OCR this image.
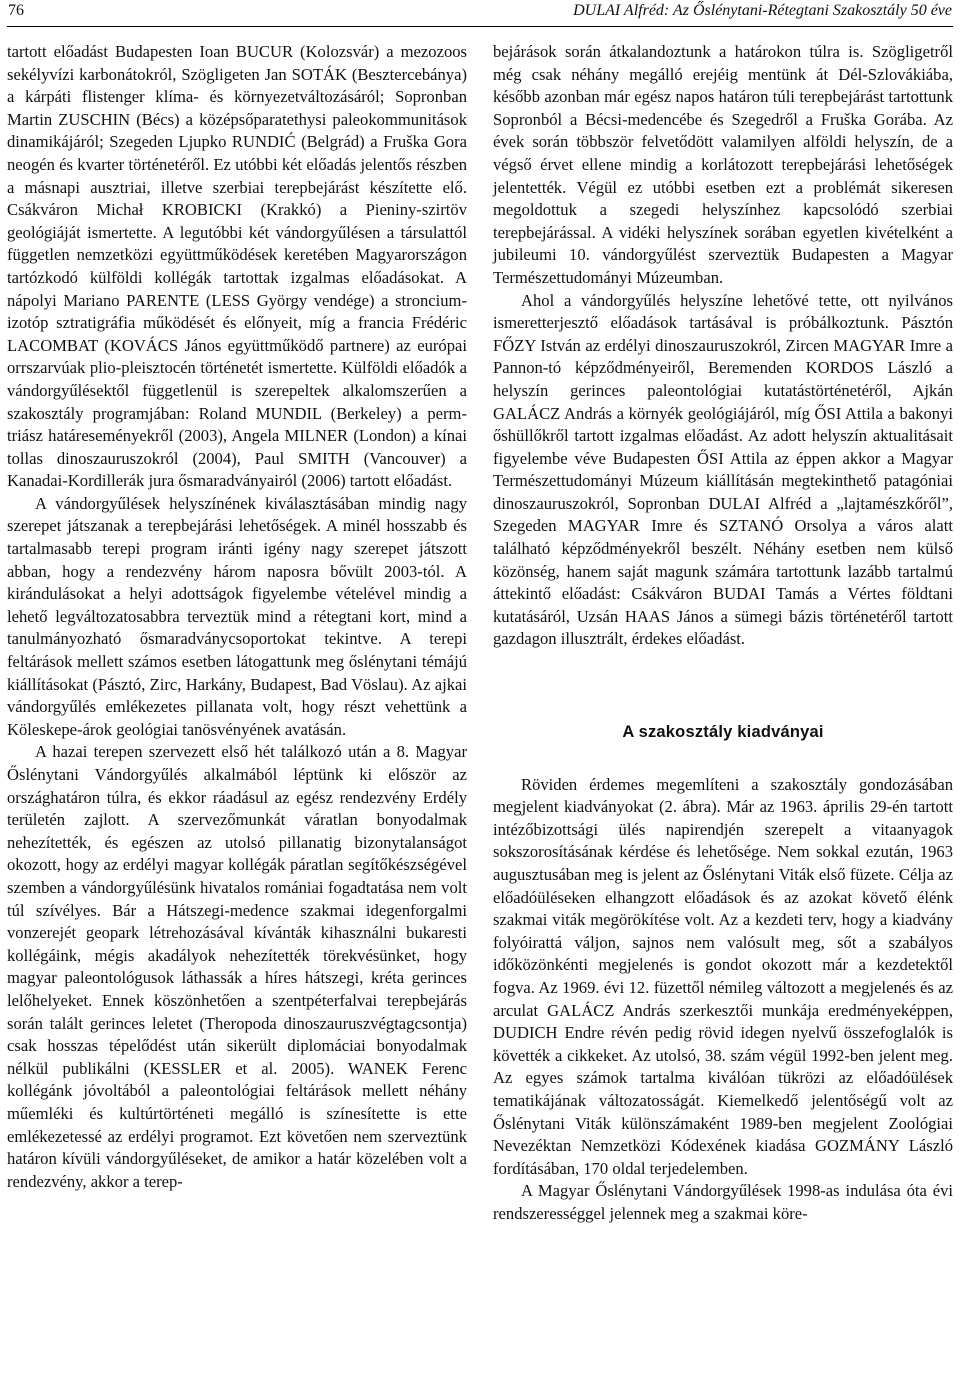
76	DULAI Alfréd: Az Őslénytani-Rétegtani Szakosztály 50 éve

tartott előadást Budapesten Ioan BUCUR (Kolozsvár) a mezozoos sekélyvízi karbonátokról, Szögligeten Jan SOTÁK (Besztercebánya) a kárpáti flistenger klíma- és környezetváltozásáról; Sopronban Martin ZUSCHIN (Bécs) a középsőparatethysi paleokommunitások dinamikájáról; Szegeden Ljupko RUNDIĆ (Belgrád) a Fruška Gora neogén és kvarter történetéről. Ez utóbbi két előadás jelentős részben a másnapi ausztriai, illetve szerbiai terepbejárást készítette elő. Csákváron Michał KROBICKI (Krakkó) a Pieniny-szirtöv geológiáját ismertette. A legutóbbi két vándorgyűlésen a társulattól független nemzetközi együttműködések keretében Magyarországon tartózkodó külföldi kollégák tartottak izgalmas előadásokat. A nápolyi Mariano PARENTE (LESS György vendége) a stroncium-izotóp sztratigráfia működését és előnyeit, míg a francia Frédéric LACOMBAT (KOVÁCS János együttműködő partnere) az európai orrszarvúak plio-pleisztocén történetét ismertette. Külföldi előadók a vándorgyűlésektől függetlenül is szerepeltek alkalomszerűen a szakosztály programjában: Roland MUNDIL (Berkeley) a perm-triász határeseményekről (2003), Angela MILNER (London) a kínai tollas dinoszauruszokról (2004), Paul SMITH (Vancouver) a Kanadai-Kordillerák jura ősmaradványairól (2006) tartott előadást.

A vándorgyűlések helyszínének kiválasztásában mindig nagy szerepet játszanak a terepbejárási lehetőségek. A minél hosszabb és tartalmasabb terepi program iránti igény nagy szerepet játszott abban, hogy a rendezvény három naposra bővült 2003-tól. A kirándulásokat a helyi adottságok figyelembe vételével mindig a lehető legváltozatosabbra terveztük mind a rétegtani kort, mind a tanulmányozható ősmaradványcsoportokat tekintve. A terepi feltárások mellett számos esetben látogattunk meg őslénytani témájú kiállításokat (Pásztó, Zirc, Harkány, Budapest, Bad Vöslau). Az ajkai vándorgyűlés emlékezetes pillanata volt, hogy részt vehettünk a Köleskepe-árok geológiai tanösvényének avatásán.

A hazai terepen szervezett első hét találkozó után a 8. Magyar Őslénytani Vándorgyűlés alkalmából léptünk ki először az országhatáron túlra, és ekkor ráadásul az egész rendezvény Erdély területén zajlott. A szervezőmunkát váratlan bonyodalmak nehezítették, és egészen az utolsó pillanatig bizonytalanságot okozott, hogy az erdélyi magyar kollégák páratlan segítőkészségével szemben a vándorgyűlésünk hivatalos romániai fogadtatása nem volt túl szívélyes. Bár a Hátszegi-medence szakmai idegenforgalmi vonzerejét geopark létrehozásával kívánták kihasználni bukaresti kollégáink, mégis akadályok nehezítették törekvésünket, hogy magyar paleontológusok láthassák a híres hátszegi, kréta gerinces lelőhelyeket. Ennek köszönhetően a szentpéterfalvai terepbejárás során talált gerinces leletet (Theropoda dinoszauruszvégtagcsontja) csak hosszas tépelődést után sikerült diplomáciai bonyodalmak nélkül publikálni (KESSLER et al. 2005). WANEK Ferenc kollégánk jóvoltából a paleontológiai feltárások mellett néhány műemléki és kultúrtörténeti megálló is színesítette is ette emlékezetessé az erdélyi programot. Ezt követően nem szerveztünk határon kívüli vándorgyűléseket, de amikor a határ közelében volt a rendezvény, akkor a terep-

bejárások során átkalandoztunk a határokon túlra is. Szögligetről még csak néhány megálló erejéig mentünk át Dél-Szlovákiába, később azonban már egész napos határon túli terepbejárást tartottunk Sopronból a Bécsi-medencébe és Szegedről a Fruška Gorába. Az évek során többször felvetődött valamilyen alföldi helyszín, de a végső érvet ellene mindig a korlátozott terepbejárási lehetőségek jelentették. Végül ez utóbbi esetben ezt a problémát sikeresen megoldottuk a szegedi helyszínhez kapcsolódó szerbiai terepbejárással. A vidéki helyszínek sorában egyetlen kivételként a jubileumi 10. vándorgyűlést szerveztük Budapesten a Magyar Természettudományi Múzeumban.

Ahol a vándorgyűlés helyszíne lehetővé tette, ott nyilvános ismeretterjesztő előadások tartásával is próbálkoztunk. Pásztón FŐZY István az erdélyi dinoszauruszokról, Zircen MAGYAR Imre a Pannon-tó képződményeiről, Beremenden KORDOS László a helyszín gerinces paleontológiai kutatástörténetéről, Ajkán GALÁCZ András a környék geológiájáról, míg ŐSI Attila a bakonyi őshüllőkről tartott izgalmas előadást. Az adott helyszín aktualitásait figyelembe véve Budapesten ŐSI Attila az éppen akkor a Magyar Természettudományi Múzeum kiállításán megtekinthető patagóniai dinoszauruszokról, Sopronban DULAI Alfréd a „lajtamészkőről”, Szegeden MAGYAR Imre és SZTANÓ Orsolya a város alatt található képződményekről beszélt. Néhány esetben nem külső közönség, hanem saját magunk számára tartottunk lazább tartalmú áttekintő előadást: Csákváron BUDAI Tamás a Vértes földtani kutatásáról, Uzsán HAAS János a sümegi bázis történetéről tartott gazdagon illusztrált, érdekes előadást.

A szakosztály kiadványai

Röviden érdemes megemlíteni a szakosztály gondozásában megjelent kiadványokat (2. ábra). Már az 1963. április 29-én tartott intézőbizottsági ülés napirendjén szerepelt a vitaanyagok sokszorosításának kérdése és lehetősége. Nem sokkal ezután, 1963 augusztusában meg is jelent az Őslénytani Viták első füzete. Célja az előadóüléseken elhangzott előadások és az azokat követő élénk szakmai viták megörökítése volt. Az a kezdeti terv, hogy a kiadvány folyóirattá váljon, sajnos nem valósult meg, sőt a szabályos időközönkénti megjelenés is gondot okozott már a kezdetektől fogva. Az 1969. évi 12. füzettől némileg változott a megjelenés és az arculat GALÁCZ András szerkesztői munkája eredményeképpen, DUDICH Endre révén pedig rövid idegen nyelvű összefoglalók is követték a cikkeket. Az utolsó, 38. szám végül 1992-ben jelent meg. Az egyes számok tartalma kiválóan tükrözi az előadóülések tematikájának változatosságát. Kiemelkedő jelentőségű volt az Őslénytani Viták különszámaként 1989-ben megjelent Zoológiai Nevezéktan Nemzetközi Kódexének kiadása GOZMÁNY László fordításában, 170 oldal terjedelemben.

A Magyar Őslénytani Vándorgyűlések 1998-as indulása óta évi rendszerességgel jelennek meg a szakmai köre-
